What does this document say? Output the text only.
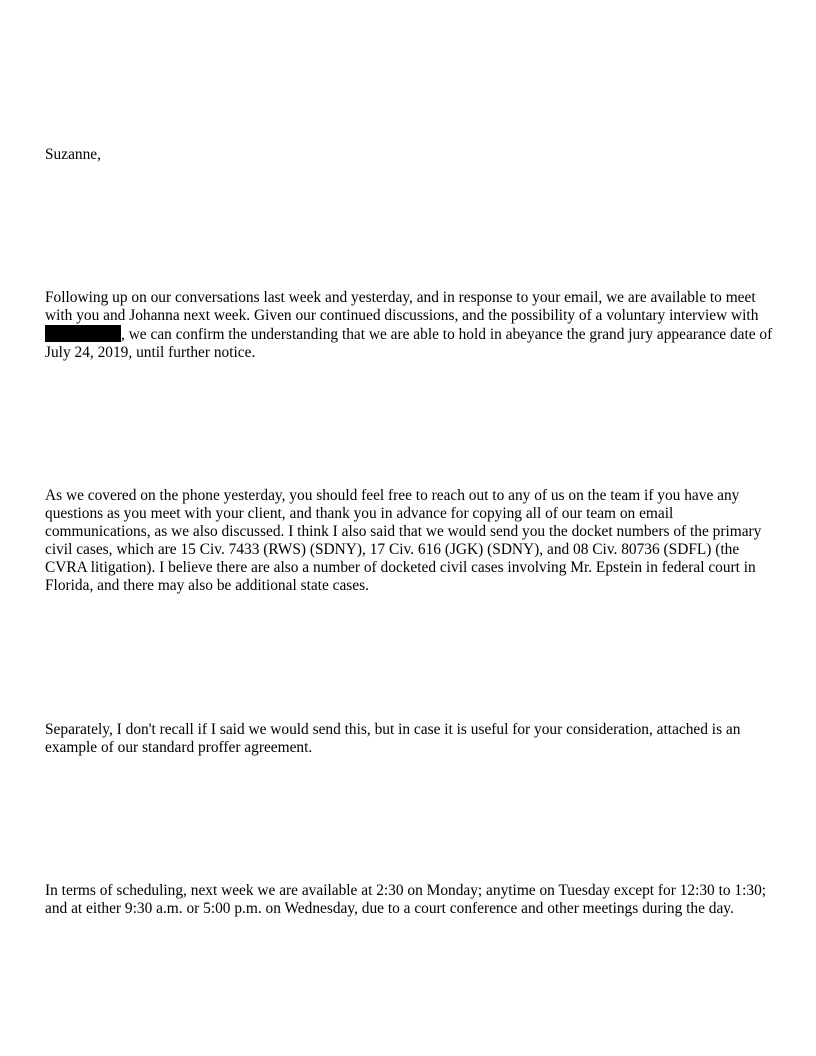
Suzanne,

Following up on our conversations last week and yesterday, and in response to your email, we are available to meet with you and Johanna next week. Given our continued discussions, and the possibility of a voluntary interview with , we can confirm the understanding that we are able to hold in abeyance the grand jury appearance date of July 24, 2019, until further notice.

As we covered on the phone yesterday, you should feel free to reach out to any of us on the team if you have any questions as you meet with your client, and thank you in advance for copying all of our team on email communications, as we also discussed. I think I also said that we would send you the docket numbers of the primary civil cases, which are 15 Civ. 7433 (RWS) (SDNY), 17 Civ. 616 (JGK) (SDNY), and 08 Civ. 80736 (SDFL) (the CVRA litigation). I believe there are also a number of docketed civil cases involving Mr. Epstein in federal court in Florida, and there may also be additional state cases.

Separately, I don't recall if I said we would send this, but in case it is useful for your consideration, attached is an example of our standard proffer agreement.

In terms of scheduling, next week we are available at 2:30 on Monday; anytime on Tuesday except for 12:30 to 1:30; and at either 9:30 a.m. or 5:00 p.m. on Wednesday, due to a court conference and other meetings during the day.
